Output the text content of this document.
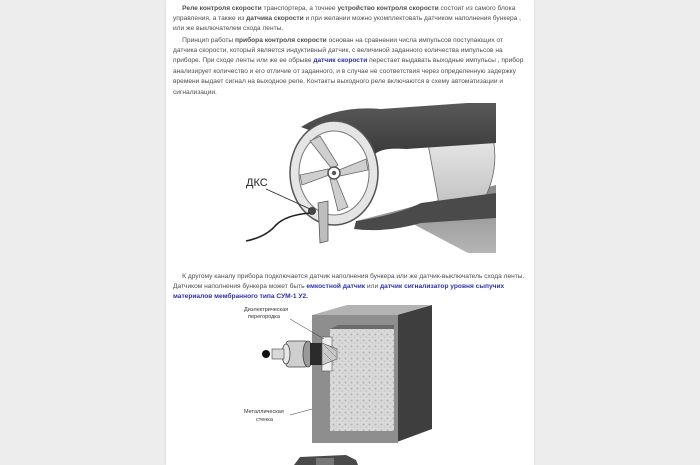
Реле контроля скорости транспортера, а точнее устройство контроля скорости состоит из самого блока управления, а также из датчика скорости и при желании можно укомплектовать датчиком наполнения бункера , или же выключателем схода ленты.

Принцип работы прибора контроля скорости основан на сравнении числа импульсов поступающих от датчика скорости, который является индуктивный датчик, с величиной заданного количества импульсов на приборе. При сходе ленты или же ее обрыве датчик скорости перестает выдавать выходные импульсы , прибор анализирует количество и его отличие от заданного, и в случае не соответствия через определенную задержку времени выдает сигнал на выходное реле. Контакты выходного реле включаются в схему автоматизации и сигнализации.

ДКС

К другому каналу прибора подключается датчик наполнения бункера или же датчик-выключатель схода ленты. Датчиком наполнения бункера может быть емкостной датчик или датчик сигнализатор уровня сыпучих материалов мембранного типа СУМ-1 У2.

Диэлектрическая
перегородка
Металлическая
стенка
